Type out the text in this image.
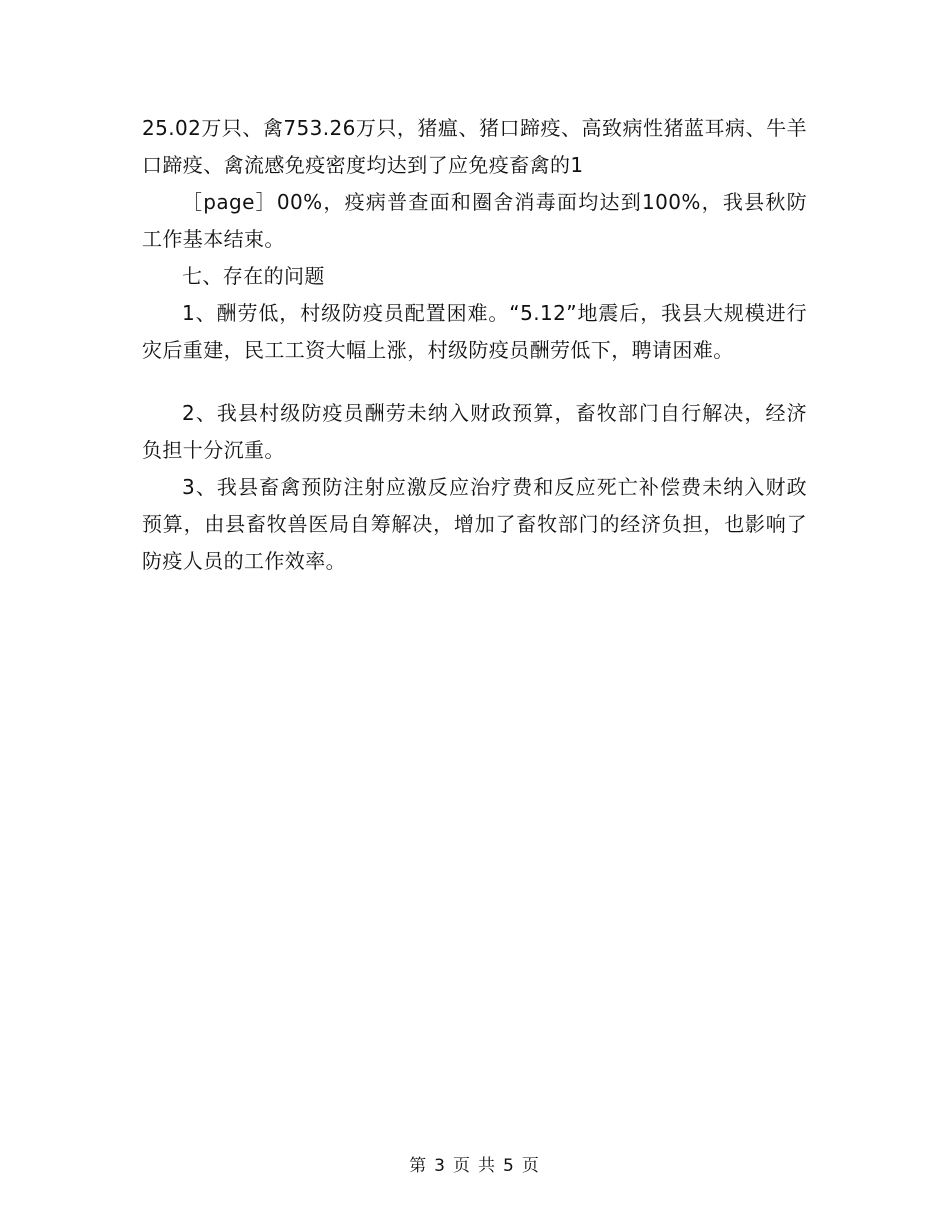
25.02万只、禽753.26万只，猪瘟、猪口蹄疫、高致病性猪蓝耳病、牛羊口蹄疫、禽流感免疫密度均达到了应免疫畜禽的1

［page］00%，疫病普查面和圈舍消毒面均达到100%，我县秋防工作基本结束。

七、存在的问题

1、酬劳低，村级防疫员配置困难。“5.12”地震后，我县大规模进行灾后重建，民工工资大幅上涨，村级防疫员酬劳低下，聘请困难。

2、我县村级防疫员酬劳未纳入财政预算，畜牧部门自行解决，经济负担十分沉重。

3、我县畜禽预防注射应激反应治疗费和反应死亡补偿费未纳入财政预算，由县畜牧兽医局自筹解决，增加了畜牧部门的经济负担，也影响了防疫人员的工作效率。

第 3 页 共 5 页
